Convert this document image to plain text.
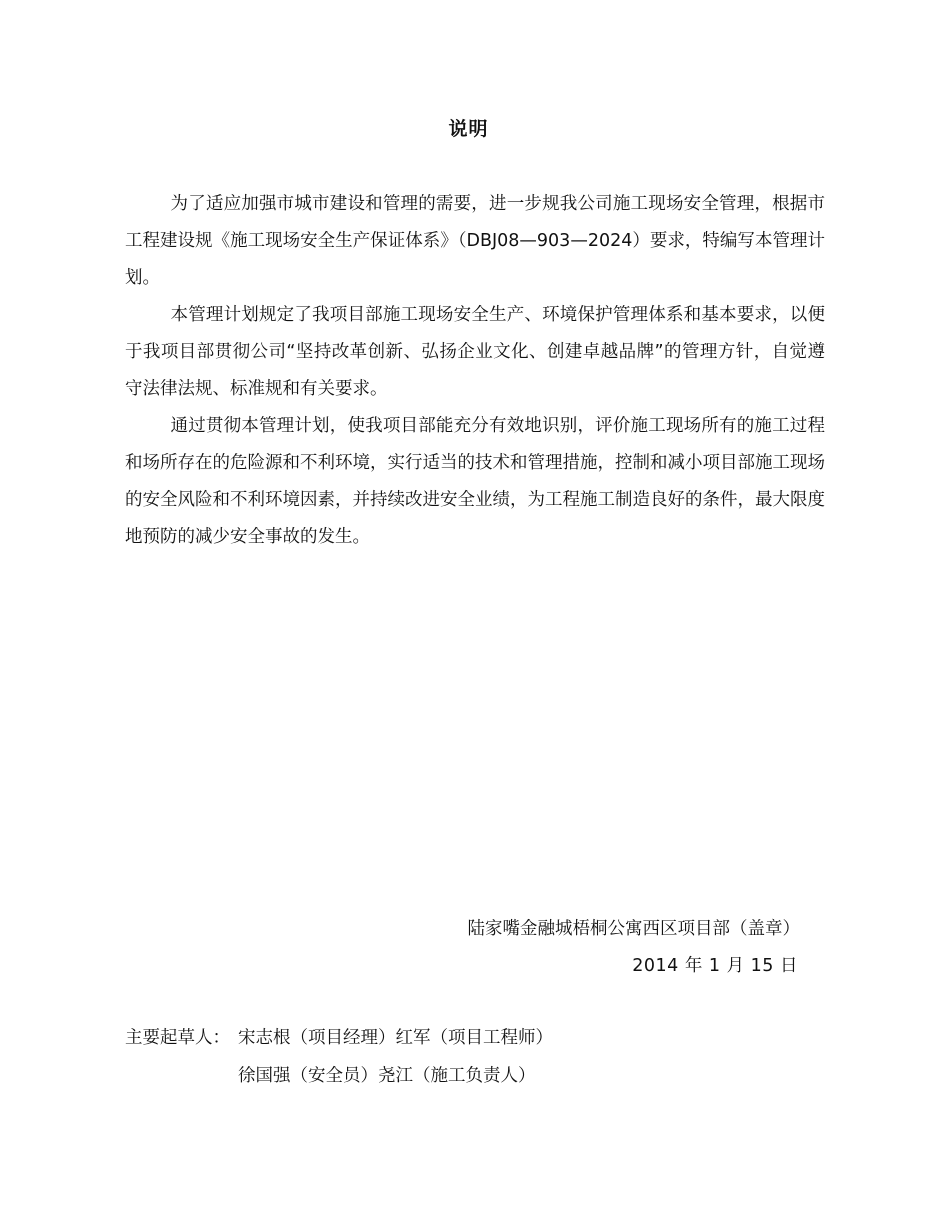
说明

为了适应加强市城市建设和管理的需要，进一步规我公司施工现场安全管理，根据市工程建设规《施工现场安全生产保证体系》（DBJ08—903—2024）要求，特编写本管理计划。

本管理计划规定了我项目部施工现场安全生产、环境保护管理体系和基本要求，以便于我项目部贯彻公司“坚持改革创新、弘扬企业文化、创建卓越品牌”的管理方针，自觉遵守法律法规、标准规和有关要求。

通过贯彻本管理计划，使我项目部能充分有效地识别，评价施工现场所有的施工过程和场所存在的危险源和不利环境，实行适当的技术和管理措施，控制和减小项目部施工现场的安全风险和不利环境因素，并持续改进安全业绩，为工程施工制造良好的条件，最大限度地预防的减少安全事故的发生。

陆家嘴金融城梧桐公寓西区项目部（盖章）
2014 年 1 月 15 日
主要起草人： 宋志根（项目经理）红军（项目工程师）
徐国强（安全员）尧江（施工负责人）
